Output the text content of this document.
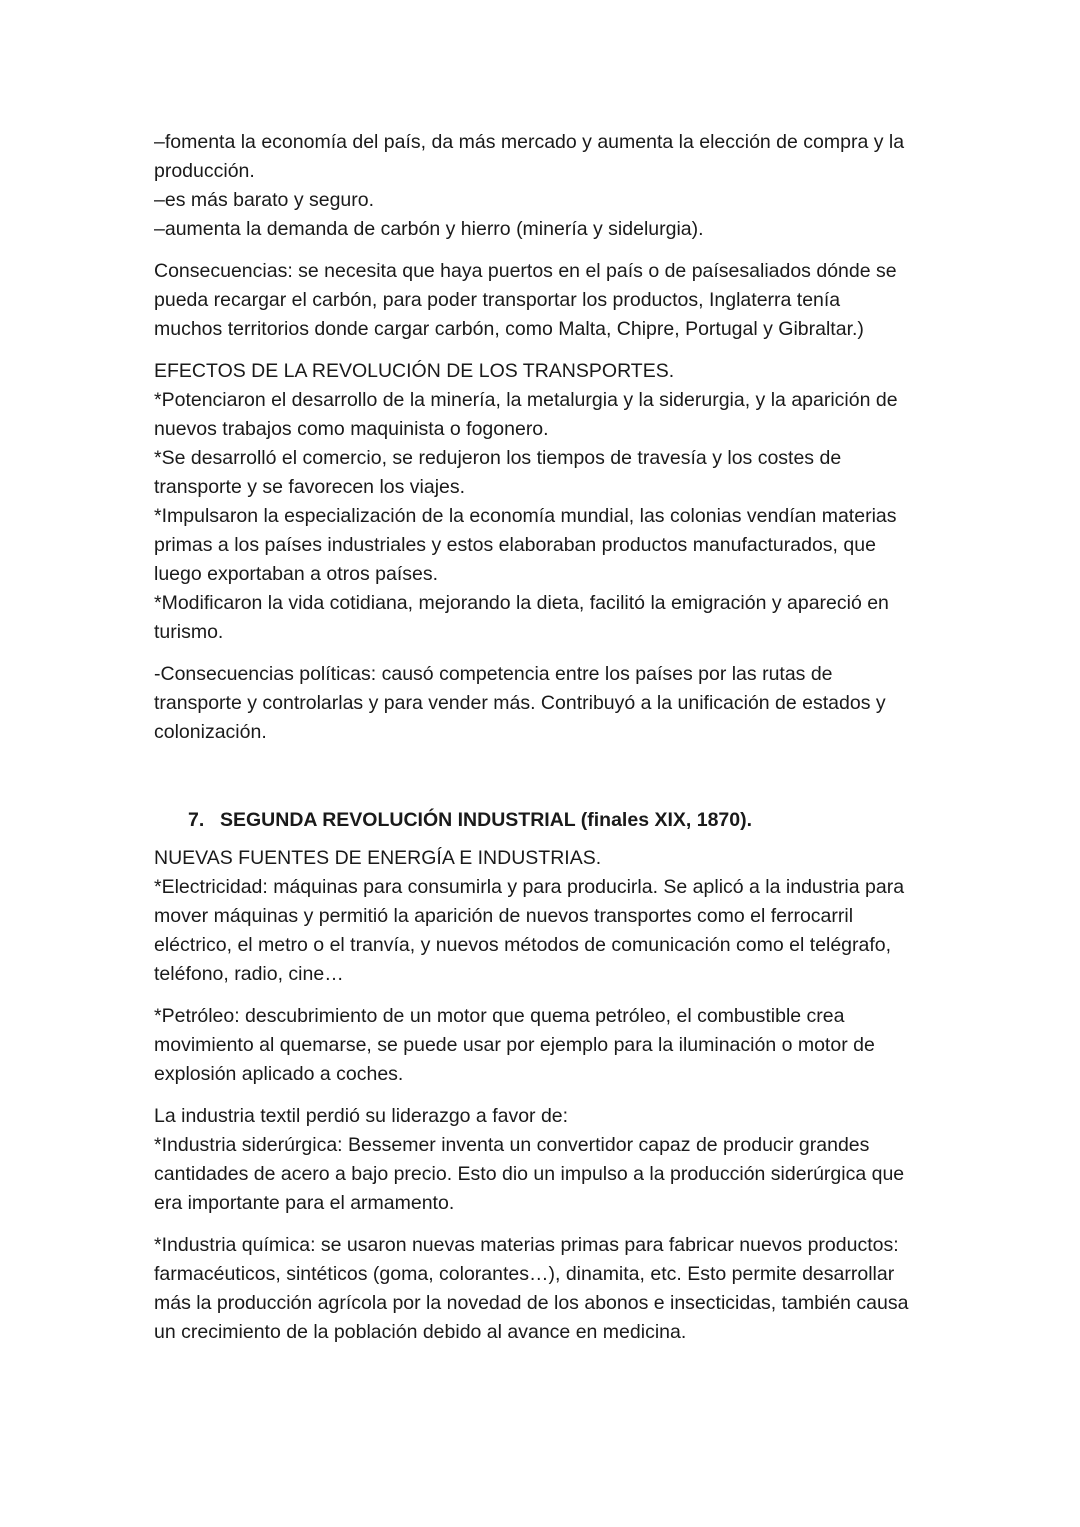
–fomenta la economía del país, da más mercado y aumenta la elección de compra y la
producción.
–es más barato y seguro.
–aumenta la demanda de carbón y hierro (minería y sidelurgia).
Consecuencias: se necesita que haya puertos en el país o de paísesaliados dónde se
pueda recargar el carbón, para poder transportar los productos, Inglaterra tenía
muchos territorios donde cargar carbón, como Malta, Chipre, Portugal y Gibraltar.)
EFECTOS DE LA REVOLUCIÓN DE LOS TRANSPORTES.
*Potenciaron el desarrollo de la minería, la metalurgia y la siderurgia, y la aparición de
nuevos trabajos como maquinista o fogonero.
*Se desarrolló el comercio, se redujeron los tiempos de travesía y los costes de
transporte y se favorecen los viajes.
*Impulsaron la especialización de la economía mundial, las colonias vendían materias
primas a los países industriales y estos elaboraban productos manufacturados, que
luego exportaban a otros países.
*Modificaron la vida cotidiana, mejorando la dieta, facilitó la emigración y apareció en
turismo.
-Consecuencias políticas: causó competencia entre los países por las rutas de
transporte y controlarlas y para vender más. Contribuyó a la unificación de estados y
colonización.
7. SEGUNDA REVOLUCIÓN INDUSTRIAL (finales XIX, 1870).
NUEVAS FUENTES DE ENERGÍA E INDUSTRIAS.
*Electricidad: máquinas para consumirla y para producirla. Se aplicó a la industria para
mover máquinas y permitió la aparición de nuevos transportes como el ferrocarril
eléctrico, el metro o el tranvía, y nuevos métodos de comunicación como el telégrafo,
teléfono, radio, cine…
*Petróleo: descubrimiento de un motor que quema petróleo, el combustible crea
movimiento al quemarse, se puede usar por ejemplo para la iluminación o motor de
explosión aplicado a coches.
La industria textil perdió su liderazgo a favor de:
*Industria siderúrgica: Bessemer inventa un convertidor capaz de producir grandes
cantidades de acero a bajo precio. Esto dio un impulso a la producción siderúrgica que
era importante para el armamento.
*Industria química: se usaron nuevas materias primas para fabricar nuevos productos:
farmacéuticos, sintéticos (goma, colorantes…), dinamita, etc. Esto permite desarrollar
más la producción agrícola por la novedad de los abonos e insecticidas, también causa
un crecimiento de la población debido al avance en medicina.
